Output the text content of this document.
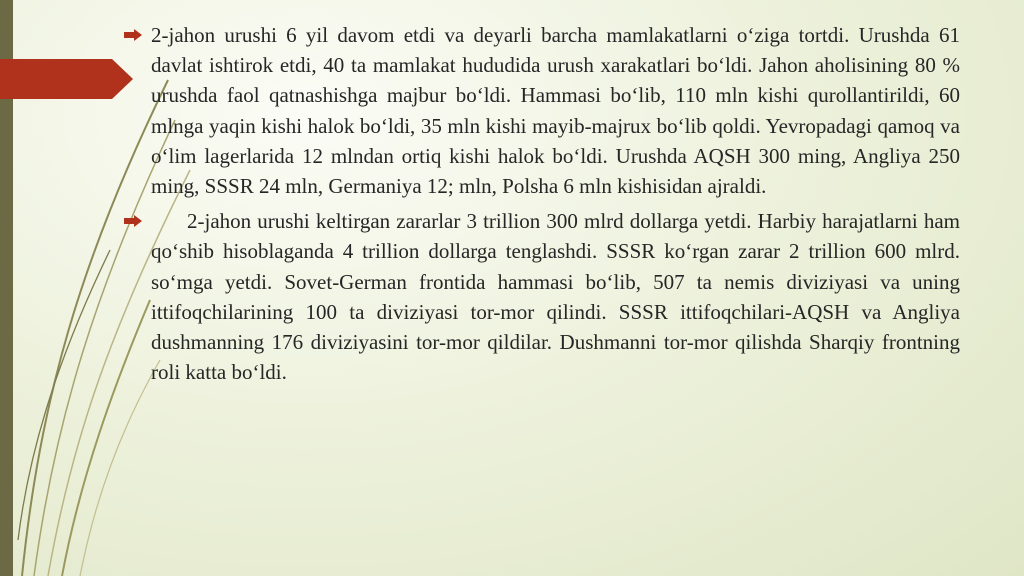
2-jahon urushi 6 yil davom etdi va deyarli barcha mamlakatlarni o‘ziga tortdi. Urushda 61 davlat ishtirok etdi, 40 ta mamlakat hududida urush xarakatlari bo‘ldi. Jahon aholisining 80 % urushda faol qatnashishga majbur bo‘ldi. Hammasi bo‘lib, 110 mln kishi qurollantirildi, 60 mlnga yaqin kishi halok bo‘ldi, 35 mln kishi mayib-majrux bo‘lib qoldi. Yevropadagi qamoq va o‘lim lagerlarida 12 mlndan ortiq kishi halok bo‘ldi. Urushda AQSH 300 ming, Angliya 250 ming, SSSR 24 mln, Germaniya 12; mln, Polsha 6 mln kishisidan ajraldi.
2-jahon urushi keltirgan zararlar 3 trillion 300 mlrd dollarga yetdi. Harbiy harajatlarni ham qo‘shib hisoblaganda 4 trillion dollarga tenglashdi. SSSR ko‘rgan zarar 2 trillion 600 mlrd. so‘mga yetdi. Sovet-German frontida hammasi bo‘lib, 507 ta nemis diviziyasi va uning ittifoqchilarining 100 ta diviziyasi tor-mor qilindi. SSSR ittifoqchilari-AQSH va Angliya dushmanning 176 diviziyasini tor-mor qildilar. Dushmanni tor-mor qilishda Sharqiy frontning roli katta bo‘ldi.
